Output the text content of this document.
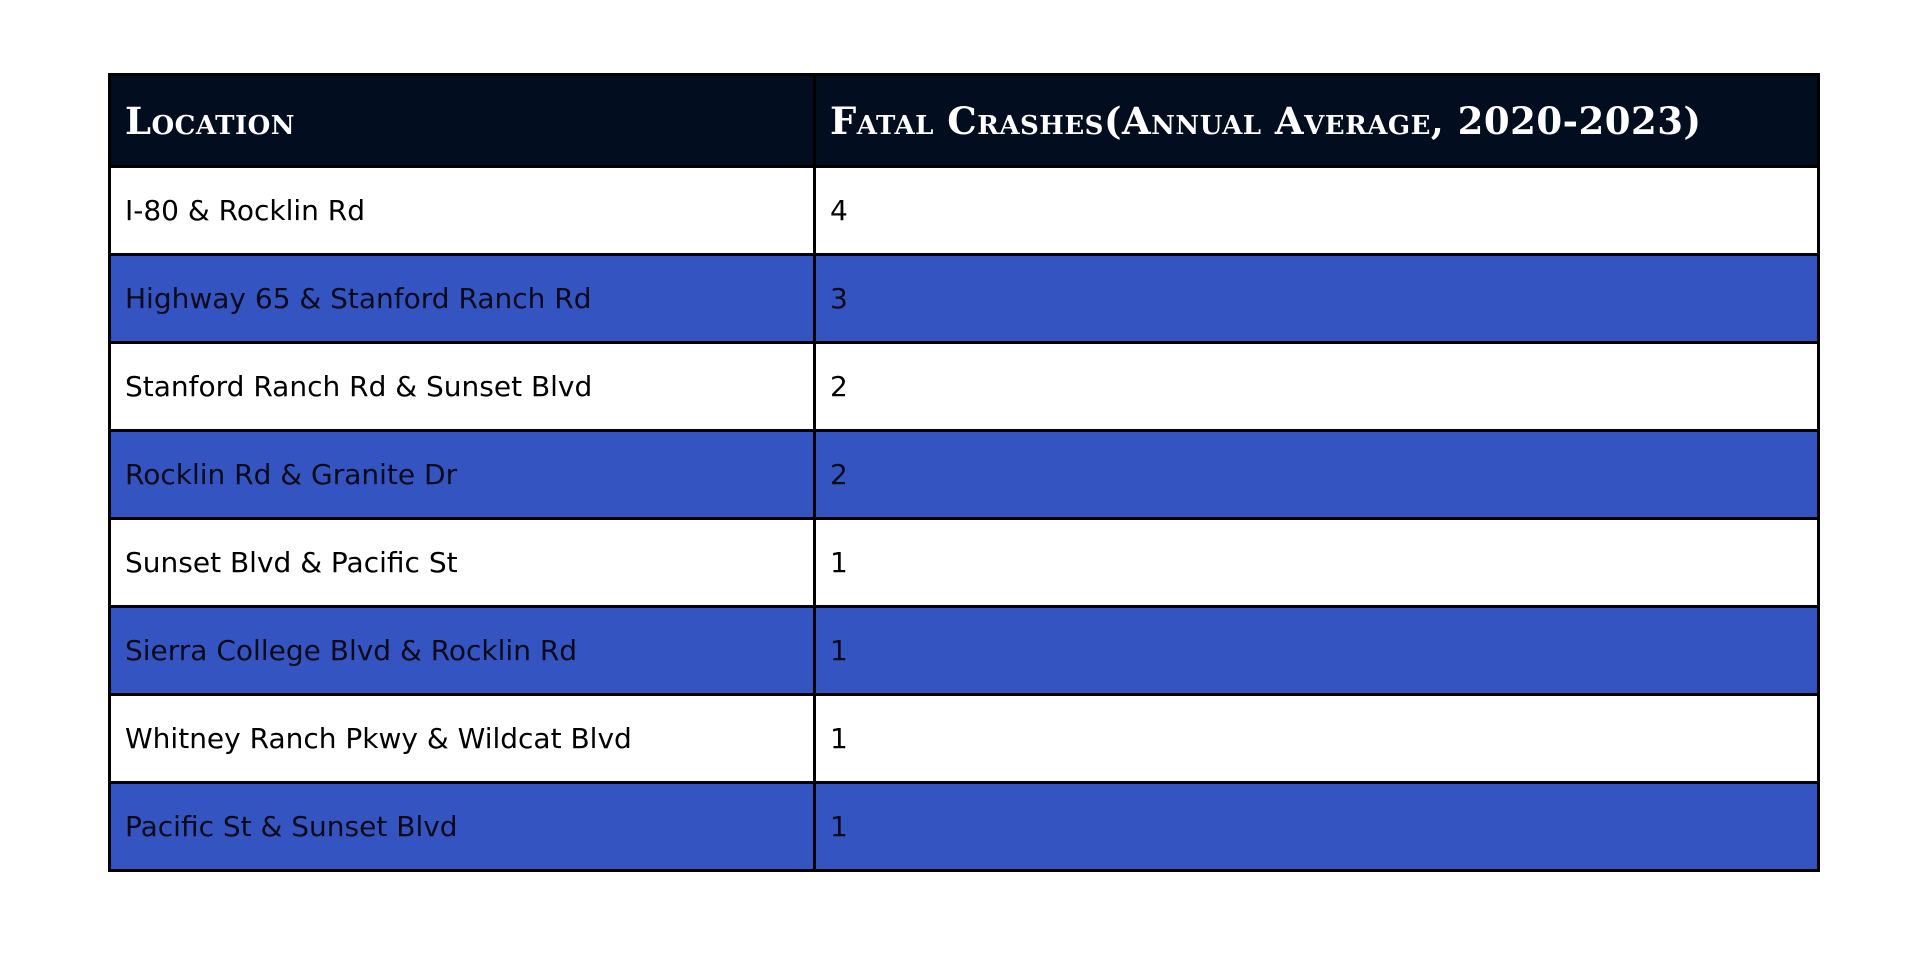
Location	Fatal Crashes(Annual Average, 2020-2023)
I-80 & Rocklin Rd	4
Highway 65 & Stanford Ranch Rd	3
Stanford Ranch Rd & Sunset Blvd	2
Rocklin Rd & Granite Dr	2
Sunset Blvd & Pacific St	1
Sierra College Blvd & Rocklin Rd	1
Whitney Ranch Pkwy & Wildcat Blvd	1
Pacific St & Sunset Blvd	1
